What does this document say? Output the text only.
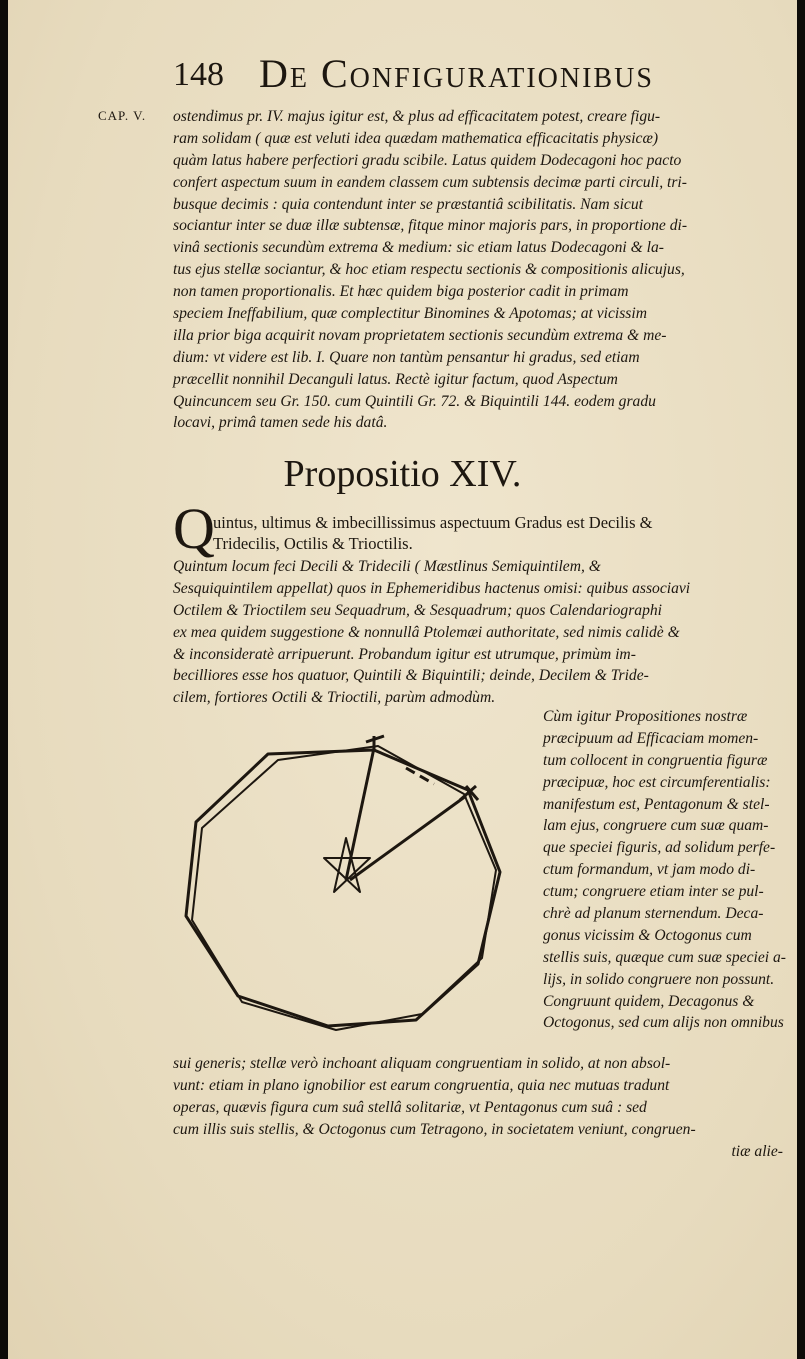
148 De Configurationibus
CAP. V. ostendimus pr. IV. majus igitur est, & plus ad efficacitatem potest, creare figu-
ram solidam ( quæ est veluti idea quædam mathematica efficacitatis physicæ)
quàm latus habere perfectiori gradu scibile. Latus quidem Dodecagoni hoc pacto
confert aspectum suum in eandem classem cum subtensis decimæ parti circuli, tri-
busque decimis : quia contendunt inter se præstantiâ scibilitatis. Nam sicut
sociantur inter se duæ illæ subtensæ, fitque minor majoris pars, in proportione di-
vinâ sectionis secundùm extrema & medium: sic etiam latus Dodecagoni & la-
tus ejus stellæ sociantur, & hoc etiam respectu sectionis & compositionis alicujus,
non tamen proportionalis. Et hæc quidem biga posterior cadit in primam
speciem Ineffabilium, quæ complectitur Binomines & Apotomas; at vicissim
illa prior biga acquirit novam proprietatem sectionis secundùm extrema & me-
dium: vt videre est lib. I. Quare non tantùm pensantur hi gradus, sed etiam
præcellit nonnihil Decanguli latus. Rectè igitur factum, quod Aspectum
Quincuncem seu Gr. 150. cum Quintili Gr. 72. & Biquintili 144. eodem gradu
locavi, primâ tamen sede his datâ.
Propositio XIV.
Q
uintus, ultimus & imbecillissimus aspectuum Gradus est Decilis &
Tridecilis, Octilis & Trioctilis.
Quintum locum feci Decili & Tridecili ( Mæstlinus Semiquintilem, &
Sesquiquintilem appellat) quos in Ephemeridibus hactenus omisi: quibus associavi
Octilem & Trioctilem seu Sequadrum, & Sesquadrum; quos Calendariographi
ex mea quidem suggestione & nonnullâ Ptolemæi authoritate, sed nimis calidè &
& inconsideratè arripuerunt. Probandum igitur est utrumque, primùm im-
becilliores esse hos quatuor, Quintili & Biquintili; deinde, Decilem & Tride-
cilem, fortiores Octili & Trioctili, parùm admodùm.
Cùm igitur Propositiones nostræ
præcipuum ad Efficaciam momen-
tum collocent in congruentia figuræ
præcipuæ, hoc est circumferentialis:
manifestum est, Pentagonum & stel-
lam ejus, congruere cum suæ quam-
que speciei figuris, ad solidum perfe-
ctum formandum, vt jam modo di-
ctum; congruere etiam inter se pul-
chrè ad planum sternendum. Deca-
gonus vicissim & Octogonus cum
stellis suis, quæque cum suæ speciei a-
lijs, in solido congruere non possunt.
Congruunt quidem, Decagonus &
Octogonus, sed cum alijs non omnibus
sui generis; stellæ verò inchoant aliquam congruentiam in solido, at non absol-
vunt: etiam in plano ignobilior est earum congruentia, quia nec mutuas tradunt
operas, quævis figura cum suâ stellâ solitariæ, vt Pentagonus cum suâ : sed
cum illis suis stellis, & Octogonus cum Tetragono, in societatem veniunt, congruen-
tiæ alie-
